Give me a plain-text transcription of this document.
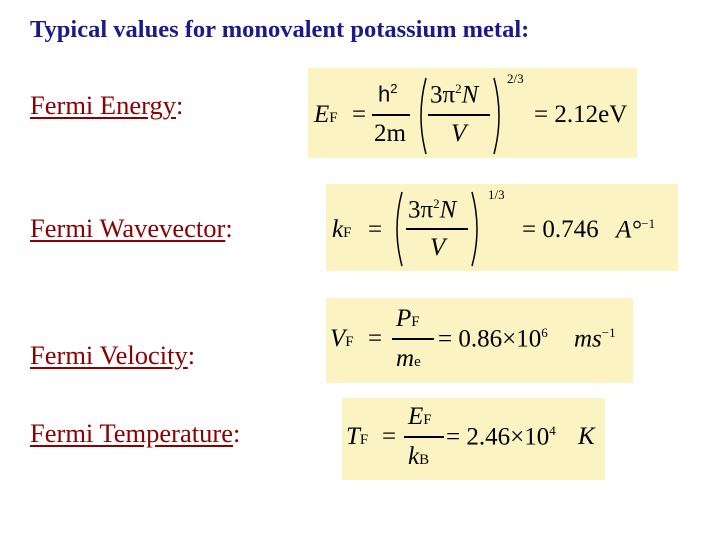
Typical values for monovalent potassium metal:
Fermi Energy:	EF =
$h^2$
2m
$3\pi^2N$
V
2/3
= 2.12eV
Fermi Wavevector:	kF =
$3\pi^2N$
V
1/3
= 0.746 A°$^{-1}$
Fermi Velocity:
VF =
PF
me
= $0.86\times 10^6$ $ms^{-1}$
Fermi Temperature:	TF =
EF
kB
= $2.46\times 10^4$ K
